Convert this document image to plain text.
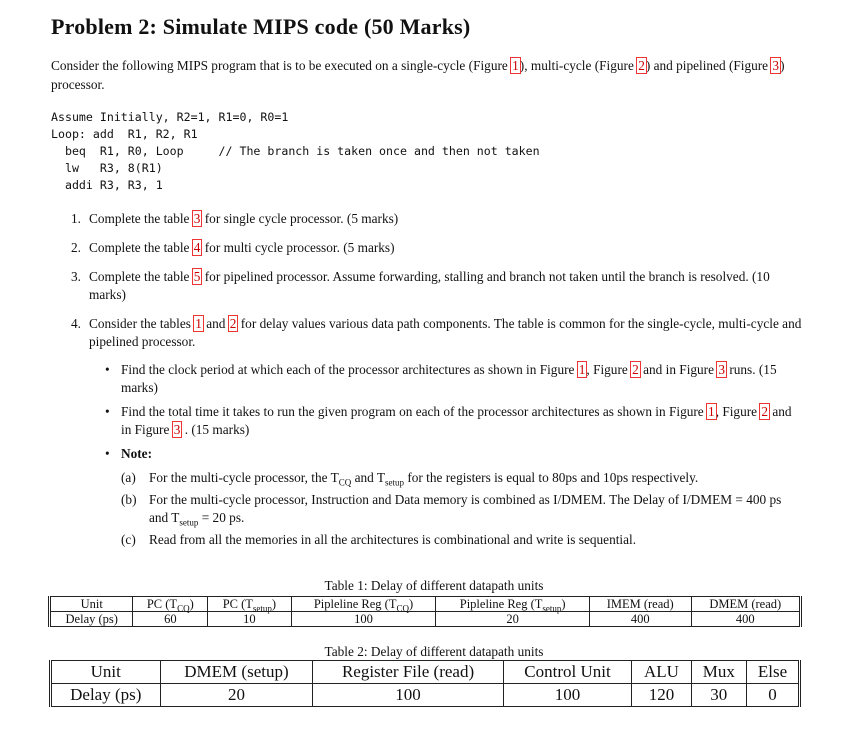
Problem 2: Simulate MIPS code (50 Marks)
Consider the following MIPS program that is to be executed on a single-cycle (Figure 1), multi-cycle (Figure 2) and pipelined (Figure 3) processor.
Assume Initially, R2=1, R1=0, R0=1
Loop: add  R1, R2, R1
beq  R1, R0, Loop     // The branch is taken once and then not taken
lw   R3, 8(R1)
addi R3, R3, 1
1. Complete the table 3 for single cycle processor. (5 marks)
2. Complete the table 4 for multi cycle processor. (5 marks)
3. Complete the table 5 for pipelined processor. Assume forwarding, stalling and branch not taken until the branch is resolved. (10 marks)
4. Consider the tables 1 and 2 for delay values various data path components. The table is common for the single-cycle, multi-cycle and pipelined processor.
• Find the clock period at which each of the processor architectures as shown in Figure 1, Figure 2 and in Figure 3 runs. (15 marks)
• Find the total time it takes to run the given program on each of the processor architectures as shown in Figure 1, Figure 2 and in Figure 3 . (15 marks)
• Note:
(a) For the multi-cycle processor, the $T_{CQ}$ and $T_{setup}$ for the registers is equal to 80ps and 10ps respectively.
(b) For the multi-cycle processor, Instruction and Data memory is combined as I/DMEM. The Delay of I/DMEM = 400 ps and $T_{setup} = 20$ ps.
(c) Read from all the memories in all the architectures is combinational and write is sequential.
Table 1: Delay of different datapath units
Unit	PC $(T_{CQ})$	PC $(T_{setup})$	Pipleline Reg $(T_{CQ})$	Pipleline Reg $(T_{setup})$	IMEM (read)	DMEM (read)
Delay (ps)	60	10	100	20	400	400
Table 2: Delay of different datapath units
Unit	DMEM (setup)	Register File (read)	Control Unit	ALU	Mux	Else
Delay (ps)	20	100	100	120	30	0
